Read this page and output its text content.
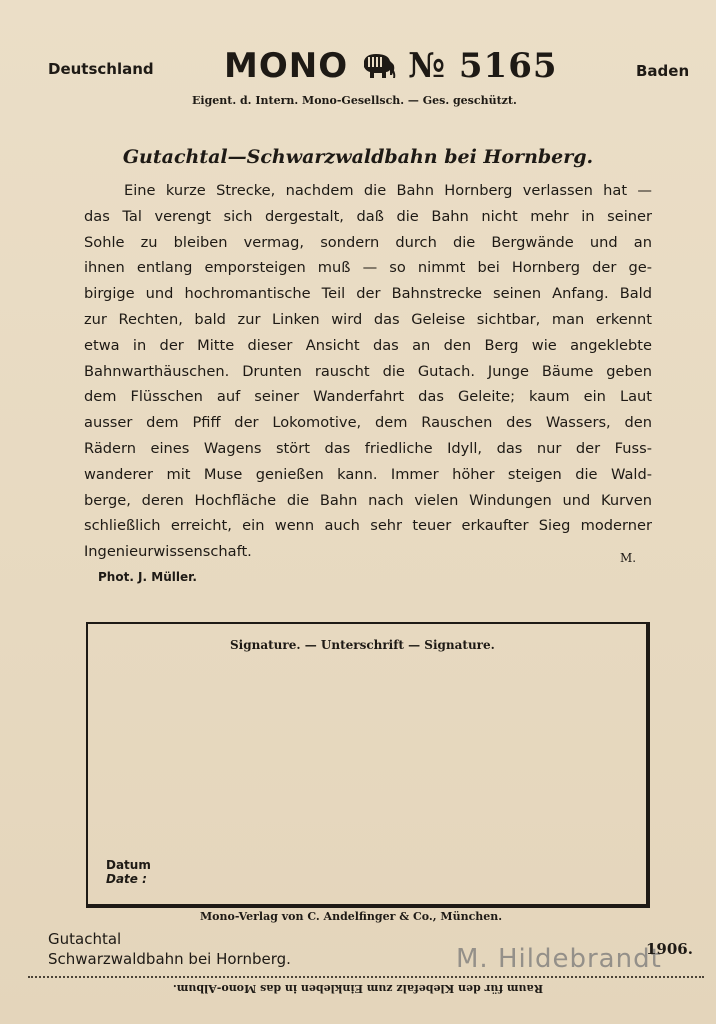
Deutschland MONO № 5165	Baden
Eigent. d. Intern. Mono-Gesellsch. — Ges. geschützt.
Gutachtal—Schwarzwaldbahn bei Hornberg.

Eine kurze Strecke, nachdem die Bahn Hornberg verlassen hat —
das Tal verengt sich dergestalt, daß die Bahn nicht mehr in seiner
Sohle zu bleiben vermag, sondern durch die Bergwände und an
ihnen entlang emporsteigen muß — so nimmt bei Hornberg der ge-
birgige und hochromantische Teil der Bahnstrecke seinen Anfang. Bald
zur Rechten, bald zur Linken wird das Geleise sichtbar, man erkennt
etwa in der Mitte dieser Ansicht das an den Berg wie angeklebte
Bahnwarthäuschen. Drunten rauscht die Gutach. Junge Bäume geben
dem Flüsschen auf seiner Wanderfahrt das Geleite; kaum ein Laut
ausser dem Pfiff der Lokomotive, dem Rauschen des Wassers, den
Rädern eines Wagens stört das friedliche Idyll, das nur der Fuss-
wanderer mit Muse genießen kann. Immer höher steigen die Wald-
berge, deren Hochfläche die Bahn nach vielen Windungen und Kurven
schließlich erreicht, ein wenn auch sehr teuer erkaufter Sieg moderner
Ingenieurwissenschaft.	M.
Phot. J. Müller.
Signature. — Unterschrift — Signature.
Datum
Date :
Mono-Verlag von C. Andelfinger & Co., München.
Gutachtal
Schwarzwaldbahn bei Hornberg.	M. Hildebrandt
1906.
Raum für den Klebefalz zum Einkleben in das Mono-Album.
